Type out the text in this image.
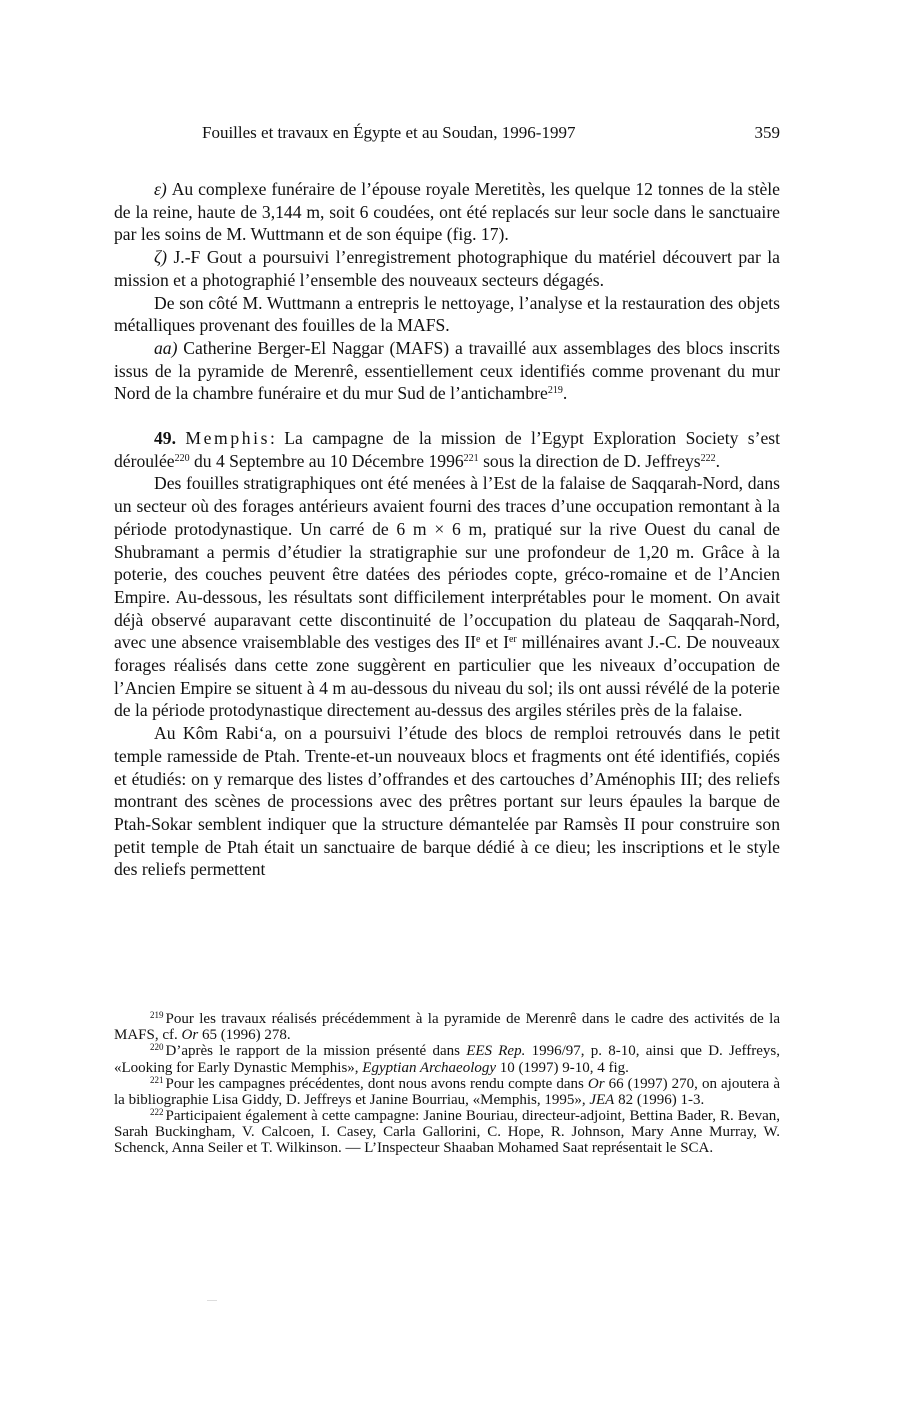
Fouilles et travaux en Égypte et au Soudan, 1996-1997	359

ε) Au complexe funéraire de l’épouse royale Meretitès, les quelque 12 tonnes de la stèle de la reine, haute de 3,144 m, soit 6 coudées, ont été replacés sur leur socle dans le sanctuaire par les soins de M. Wuttmann et de son équipe (fig. 17).

ζ) J.-F Gout a poursuivi l’enregistrement photographique du matériel découvert par la mission et a photographié l’ensemble des nouveaux secteurs dégagés.

De son côté M. Wuttmann a entrepris le nettoyage, l’analyse et la restauration des objets métalliques provenant des fouilles de la MAFS.

aa) Catherine Berger-El Naggar (MAFS) a travaillé aux assemblages des blocs inscrits issus de la pyramide de Merenrê, essentiellement ceux identifiés comme provenant du mur Nord de la chambre funéraire et du mur Sud de l’antichambre$^{219}$.

49. Memphis: La campagne de la mission de l’Egypt Exploration Society s’est déroulée$^{220}$ du 4 Septembre au 10 Décembre 1996$^{221}$ sous la direction de D. Jeffreys$^{222}$.

Des fouilles stratigraphiques ont été menées à l’Est de la falaise de Saqqarah-Nord, dans un secteur où des forages antérieurs avaient fourni des traces d’une occupation remontant à la période protodynastique. Un carré de 6 m × 6 m, pratiqué sur la rive Ouest du canal de Shubramant a permis d’étudier la stratigraphie sur une profondeur de 1,20 m. Grâce à la poterie, des couches peuvent être datées des périodes copte, gréco-romaine et de l’Ancien Empire. Au-dessous, les résultats sont difficilement interprétables pour le moment. On avait déjà observé auparavant cette discontinuité de l’occupation du plateau de Saqqarah-Nord, avec une absence vraisemblable des vestiges des IIe et Ier millénaires avant J.-C. De nouveaux forages réalisés dans cette zone suggèrent en particulier que les niveaux d’occupation de l’Ancien Empire se situent à 4 m au-dessous du niveau du sol; ils ont aussi révélé de la poterie de la période protodynastique directement au-dessus des argiles stériles près de la falaise.

Au Kôm Rabi‘a, on a poursuivi l’étude des blocs de remploi retrouvés dans le petit temple ramesside de Ptah. Trente-et-un nouveaux blocs et fragments ont été identifiés, copiés et étudiés: on y remarque des listes d’offrandes et des cartouches d’Aménophis III; des reliefs montrant des scènes de processions avec des prêtres portant sur leurs épaules la barque de Ptah-Sokar semblent indiquer que la structure démantelée par Ramsès II pour construire son petit temple de Ptah était un sanctuaire de barque dédié à ce dieu; les inscriptions et le style des reliefs permettent

$^{219}$ Pour les travaux réalisés précédemment à la pyramide de Merenrê dans le cadre des activités de la MAFS, cf. Or 65 (1996) 278.

$^{220}$ D’après le rapport de la mission présenté dans EES Rep. 1996/97, p. 8-10, ainsi que D. Jeffreys, «Looking for Early Dynastic Memphis», Egyptian Archaeology 10 (1997) 9-10, 4 fig.

$^{221}$ Pour les campagnes précédentes, dont nous avons rendu compte dans Or 66 (1997) 270, on ajoutera à la bibliographie Lisa Giddy, D. Jeffreys et Janine Bourriau, «Memphis, 1995», JEA 82 (1996) 1-3.

$^{222}$ Participaient également à cette campagne: Janine Bouriau, directeur-adjoint, Bettina Bader, R. Bevan, Sarah Buckingham, V. Calcoen, I. Casey, Carla Gallorini, C. Hope, R. Johnson, Mary Anne Murray, W. Schenck, Anna Seiler et T. Wilkinson. — L’Inspecteur Shaaban Mohamed Saat représentait le SCA.
